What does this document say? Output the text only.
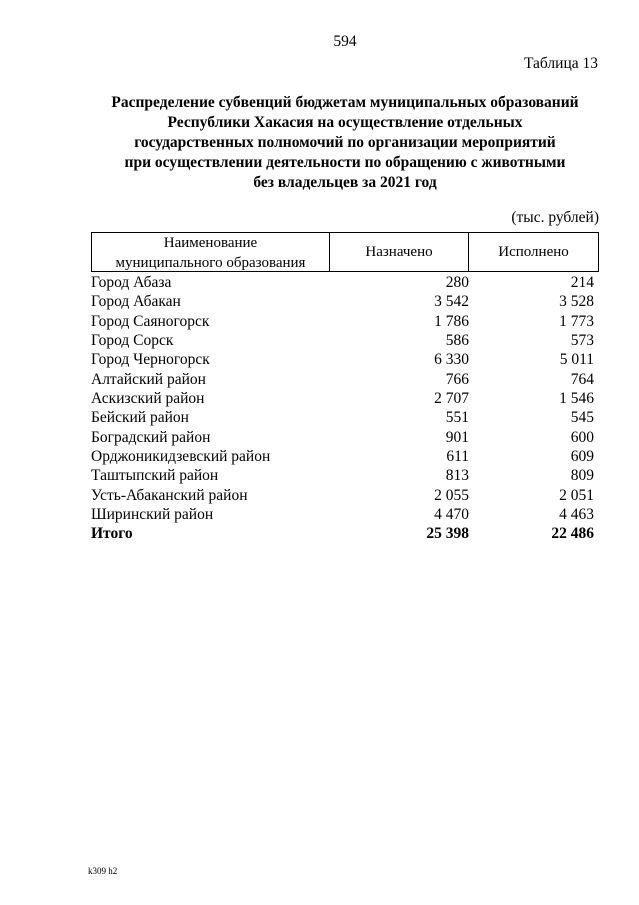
594
Таблица 13
Распределение субвенций бюджетам муниципальных образований
Республики Хакасия на осуществление отдельных
государственных полномочий по организации мероприятий
при осуществлении деятельности по обращению с животными
без владельцев за 2021 год
(тыс. рублей)
Наименование
муниципального образования
Назначено	Исполнено
Город Абаза	280	214
Город Абакан	3 542	3 528
Город Саяногорск	1 786	1 773
Город Сорск	586	573
Город Черногорск	6 330	5 011
Алтайский район	766	764
Аскизский район	2 707	1 546
Бейский район	551	545
Боградский район	901	600
Орджоникидзевский район	611	609
Таштыпский район	813	809
Усть-Абаканский район	2 055	2 051
Ширинский район	4 470	4 463
Итого	25 398	22 486
k309 h2
